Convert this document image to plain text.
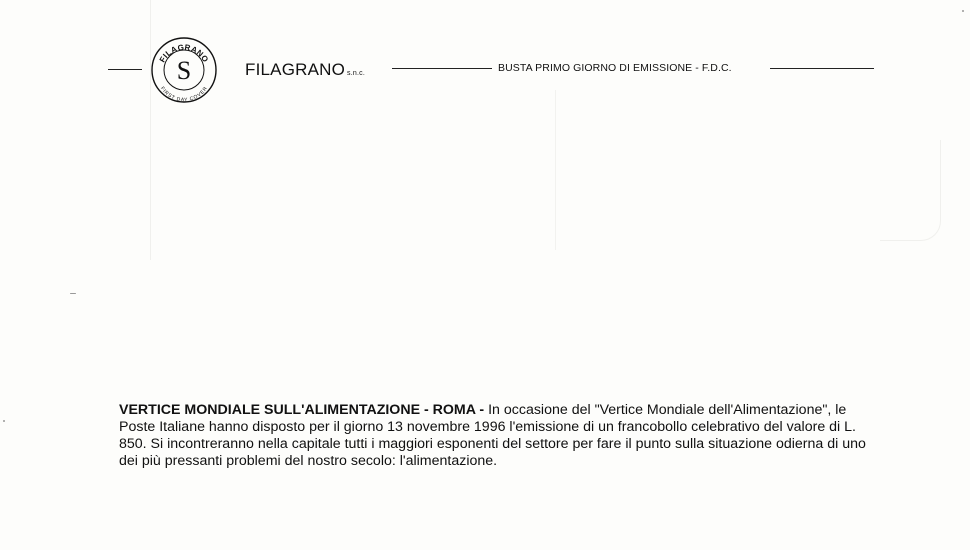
FILAGRANO
FIRST DAY COVER
S	FILAGRANO s.n.c.	BUSTA PRIMO GIORNO DI EMISSIONE - F.D.C.
VERTICE MONDIALE SULL'ALIMENTAZIONE - ROMA - In occasione del "Vertice Mondiale dell'Alimentazione", le Poste Italiane hanno disposto per il giorno 13 novembre 1996 l'emissione di un francobollo celebrativo del valore di L. 850. Si incontreranno nella capitale tutti i maggiori esponenti del settore per fare il punto sulla situazione odierna di uno dei più pressanti problemi del nostro secolo: l'alimentazione.
